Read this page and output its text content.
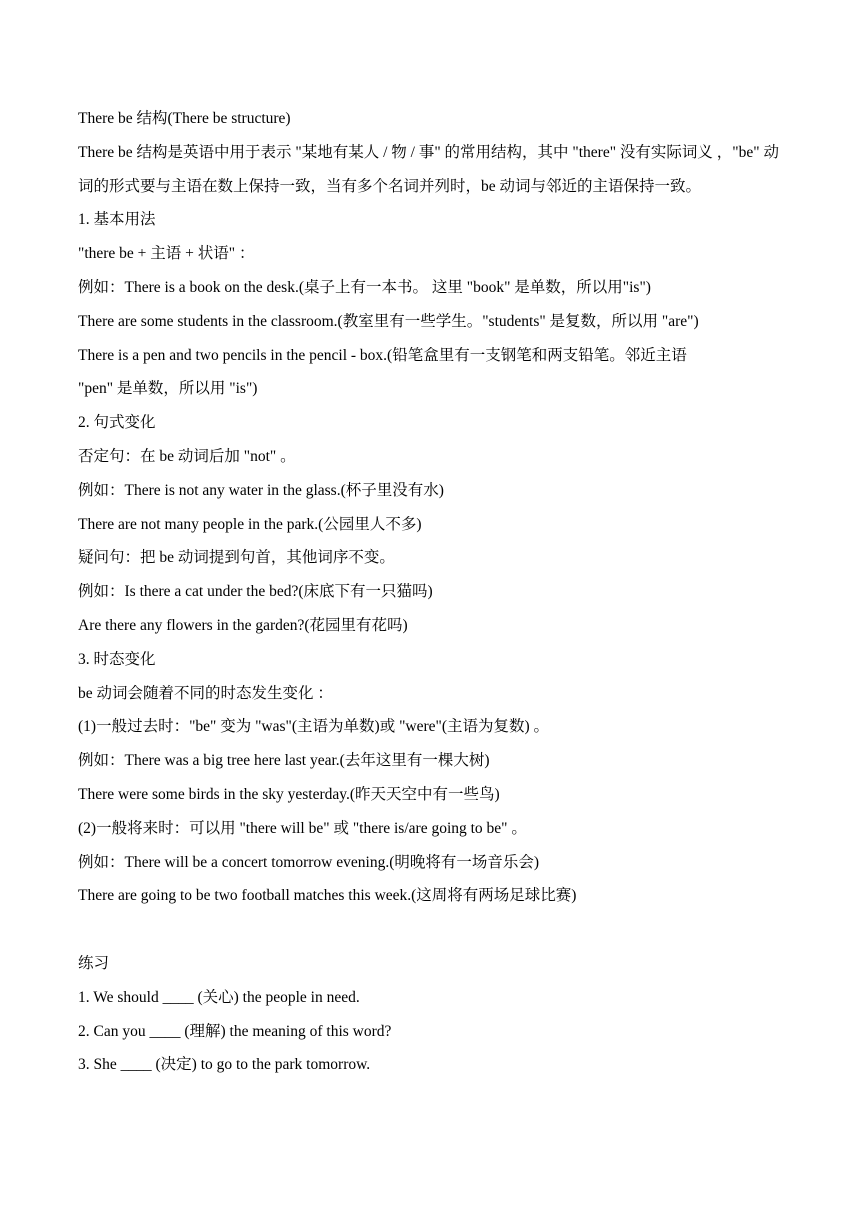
There be 结构(There be structure)
There be 结构是英语中用于表示 "某地有某人 / 物 / 事" 的常用结构，其中 "there" 没有实际词义 ，"be" 动词的形式要与主语在数上保持一致，当有多个名词并列时，be 动词与邻近的主语保持一致。
1. 基本用法
"there be + 主语 + 状语" ：
例如：There is a book on the desk.(桌子上有一本书。 这里 "book" 是单数，所以用"is")
There are some students in the classroom.(教室里有一些学生。"students" 是复数，所以用 "are")
There is a pen and two pencils in the pencil - box.(铅笔盒里有一支钢笔和两支铅笔。邻近主语
"pen" 是单数，所以用 "is")
2. 句式变化
否定句：在 be 动词后加 "not" 。
例如：There is not any water in the glass.(杯子里没有水)
There are not many people in the park.(公园里人不多)
疑问句：把 be 动词提到句首，其他词序不变。
例如：Is there a cat under the bed?(床底下有一只猫吗)
Are there any flowers in the garden?(花园里有花吗)
3. 时态变化
be 动词会随着不同的时态发生变化 ：
(1)一般过去时："be" 变为 "was"(主语为单数)或 "were"(主语为复数) 。
例如：There was a big tree here last year.(去年这里有一棵大树)
There were some birds in the sky yesterday.(昨天天空中有一些鸟)
(2)一般将来时：可以用 "there will be" 或 "there is/are going to be" 。
例如：There will be a concert tomorrow evening.(明晚将有一场音乐会)
There are going to be two football matches this week.(这周将有两场足球比赛)
练习
1. We should ____ (关心) the people in need.
2. Can you ____ (理解) the meaning of this word?
3. She ____ (决定) to go to the park tomorrow.
